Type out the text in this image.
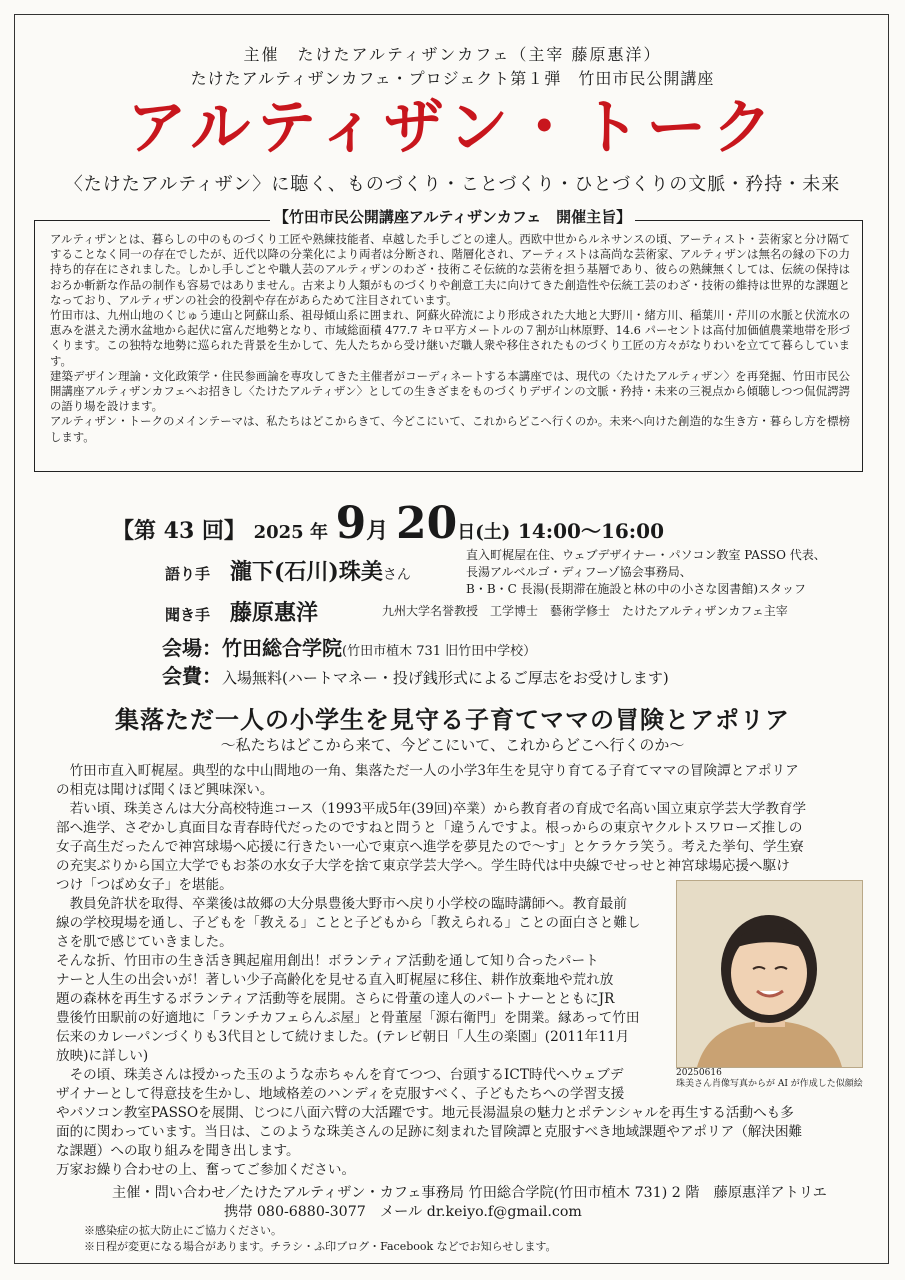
主催　たけたアルティザンカフェ（主宰 藤原惠洋）
たけたアルティザンカフェ・プロジェクト第１弾　竹田市民公開講座
アルティザン・トーク
〈たけたアルティザン〉に聴く、ものづくり・ことづくり・ひとづくりの文脈・矜持・未来
【竹田市民公開講座アルティザンカフェ　開催主旨】

アルティザンとは、暮らしの中のものづくり工匠や熟練技能者、卓越した手しごとの達人。西欧中世からルネサンスの頃、アーティスト・芸術家と分け隔てすることなく同一の存在でしたが、近代以降の分業化により両者は分断され、階層化され、アーティストは高尚な芸術家、アルティザンは無名の縁の下の力持ち的存在にされました。しかし手しごとや職人芸のアルティザンのわざ・技術こそ伝統的な芸術を担う基層であり、彼らの熟練無くしては、伝統の保持はおろか斬新な作品の制作も容易ではありません。古来より人類がものづくりや創意工夫に向けてきた創造性や伝統工芸のわざ・技術の維持は世界的な課題となっており、アルティザンの社会的役割や存在があらためて注目されています。

竹田市は、九州山地のくじゅう連山と阿蘇山系、祖母傾山系に囲まれ、阿蘇火砕流により形成された大地と大野川・緒方川、稲葉川・芹川の水脈と伏流水の恵みを湛えた湧水盆地から起伏に富んだ地勢となり、市域総面積 477.7 キロ平方メートルの７割が山林原野、14.6 パーセントは高付加価値農業地帯を形づくります。この独特な地勢に巡られた背景を生かして、先人たちから受け継いだ職人衆や移住されたものづくり工匠の方々がなりわいを立てて暮らしています。

建築デザイン理論・文化政策学・住民参画論を専攻してきた主催者がコーディネートする本講座では、現代の〈たけたアルティザン〉を再発掘、竹田市民公開講座アルティザンカフェへお招きし〈たけたアルティザン〉としての生きざまをものづくりデザインの文脈・矜持・未来の三視点から傾聴しつつ侃侃諤諤の語り場を設けます。

アルティザン・トークのメインテーマは、私たちはどこからきて、今どこにいて、これからどこへ行くのか。未来へ向けた創造的な生き方・暮らし方を標榜します。

【第 43 回】 2025 年 9月 20日(土) 14:00〜16:00
語り手 瀧下(石川)珠美さん
直入町梶屋在住、ウェブデザイナー・パソコン教室 PASSO 代表、
長湯アルベルゴ・ディフーゾ協会事務局、
B・B・C 長湯(長期滞在施設と林の中の小さな図書館)スタッフ
聞き手 藤原惠洋	九州大学名誉教授　工学博士　藝術学修士　たけたアルティザンカフェ主宰
会場：竹田総合学院(竹田市植木 731 旧竹田中学校）
会費：入場無料(ハートマネー・投げ銭形式によるご厚志をお受けします)
集落ただ一人の小学生を見守る子育てママの冒険とアポリア
〜私たちはどこから来て、今どこにいて、これからどこへ行くのか〜
　竹田市直入町梶屋。典型的な中山間地の一角、集落ただ一人の小学3年生を見守り育てる子育てママの冒険譚とアポリア
の相克は聞けば聞くほど興味深い。
　若い頃、珠美さんは大分高校特進コース（1993平成5年(39回)卒業）から教育者の育成で名高い国立東京学芸大学教育学
部へ進学、さぞかし真面目な青春時代だったのですねと問うと「違うんですよ。根っからの東京ヤクルトスワローズ推しの
女子高生だったんで神宮球場へ応援に行きたい一心で東京へ進学を夢見たので〜す」とケラケラ笑う。考えた挙句、学生寮
の充実ぶりから国立大学でもお茶の水女子大学を捨て東京学芸大学へ。学生時代は中央線でせっせと神宮球場応援へ駆け
つけ「つばめ女子」を堪能。
　教員免許状を取得、卒業後は故郷の大分県豊後大野市へ戻り小学校の臨時講師へ。教育最前
線の学校現場を通し、子どもを「教える」ことと子どもから「教えられる」ことの面白さと難し
さを肌で感じていきました。
そんな折、竹田市の生き活き興起雇用創出！ボランティア活動を通して知り合ったパート
ナーと人生の出会いが！著しい少子高齢化を見せる直入町梶屋に移住、耕作放棄地や荒れ放
題の森林を再生するボランティア活動等を展開。さらに骨董の達人のパートナーとともにJR
豊後竹田駅前の好適地に「ランチカフェらんぷ屋」と骨董屋「源右衛門」を開業。縁あって竹田
伝来のカレーパンづくりも3代目として続けました。(テレビ朝日「人生の楽園」(2011年11月
放映)に詳しい)
　その頃、珠美さんは授かった玉のような赤ちゃんを育てつつ、台頭するICT時代へウェブデ
ザイナーとして得意技を生かし、地域格差のハンディを克服すべく、子どもたちへの学習支援
やパソコン教室PASSOを展開、じつに八面六臂の大活躍です。地元長湯温泉の魅力とポテンシャルを再生する活動へも多
面的に関わっています。当日は、このような珠美さんの足跡に刻まれた冒険譚と克服すべき地域課題やアポリア（解決困難
な課題）への取り組みを聞き出します。
万家お繰り合わせの上、奮ってご参加ください。
20250616
珠美さん肖像写真からが AI が作成した似顔絵
主催・問い合わせ／たけたアルティザン・カフェ事務局 竹田総合学院(竹田市植木 731) 2 階　藤原惠洋アトリエ
携帯 080-6880-3077　メール dr.keiyo.f@gmail.com
※感染症の拡大防止にご協力ください。
※日程が変更になる場合があります。チラシ・ふ印ブログ・Facebook などでお知らせします。
